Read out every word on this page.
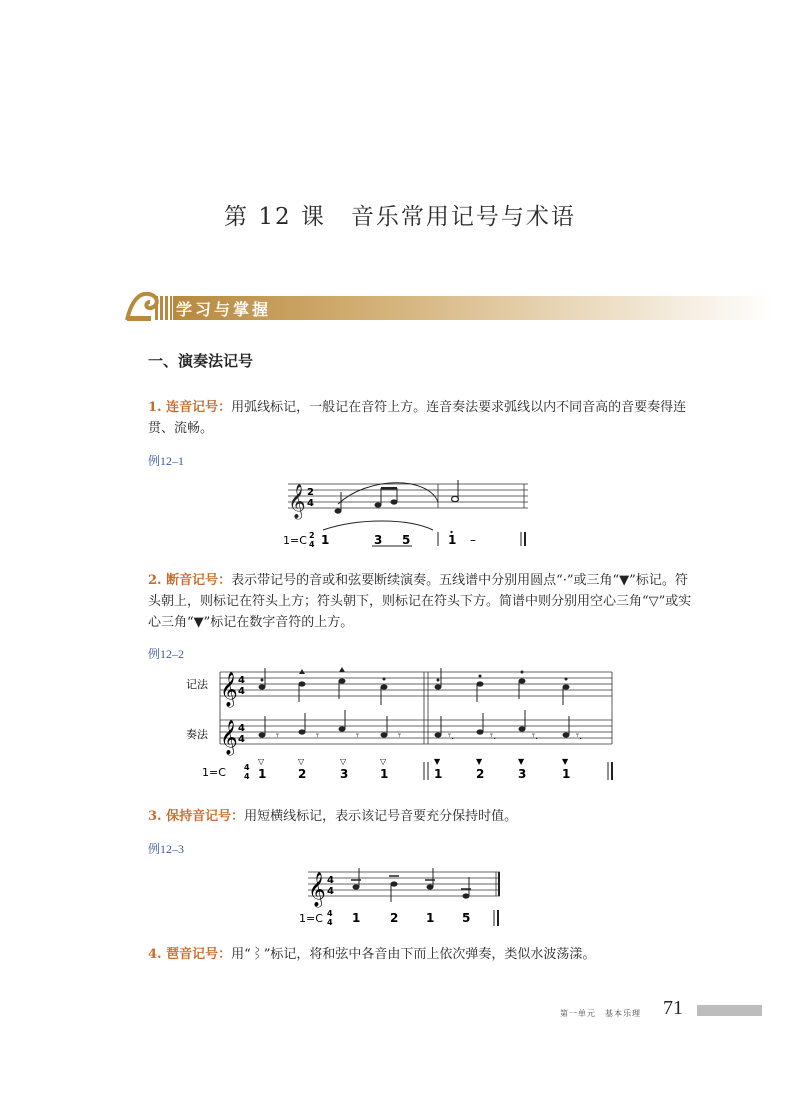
第 12 课　音乐常用记号与术语
学习与掌握
一、演奏法记号
1. 连音记号：用弧线标记，一般记在音符上方。连音奏法要求弧线以内不同音高的音要奏得连贯、流畅。
例12–1
𝄞 2
4
1=C 2
4 1	3 5	1 –
2. 断音记号：表示带记号的音或和弦要断续演奏。五线谱中分别用圆点“·”或三角“▼”标记。符头朝上，则标记在符头上方；符头朝下，则标记在符头下方。简谱中则分别用空心三角“▽”或实心三角“▼”标记在数字音符的上方。
例12–2
记法
奏法
𝄞
𝄞
4
4
4
4	𝄾	𝄾	𝄾	𝄾	𝄾.	𝄾.	𝄾.	𝄾.
1=C 4
4 1	2	3	1	1	2	3	1
▽	▽	▽	▽	▼	▼	▼	▼
3. 保持音记号：用短横线标记，表示该记号音要充分保持时值。
例12–3
𝄞 4
4
1=C 4
4 1 2 1 5
4. 琶音记号：用“⌇”标记，将和弦中各音由下而上依次弹奏，类似水波荡漾。
第一单元　基本乐理 71
